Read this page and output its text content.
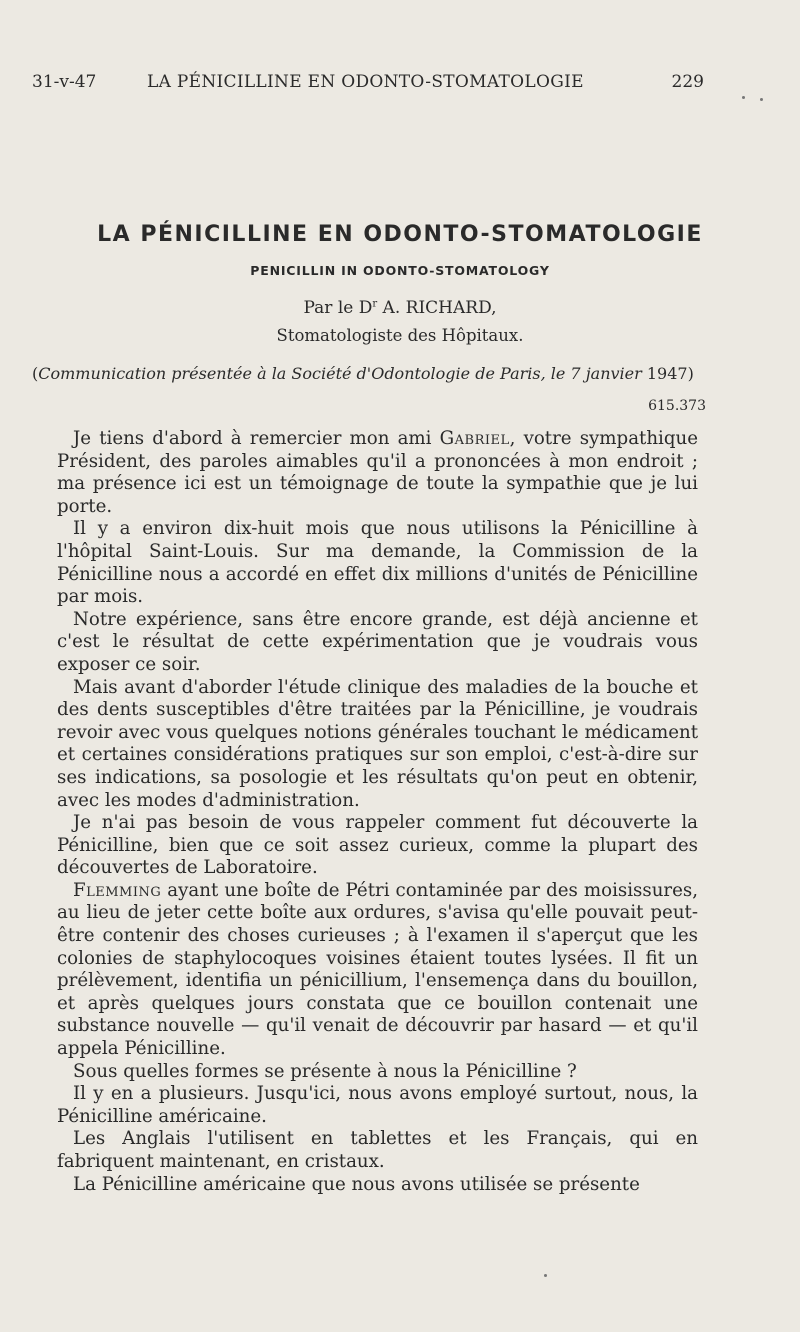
31-v-47	LA PÉNICILLINE EN ODONTO-STOMATOLOGIE	229
LA PÉNICILLINE EN ODONTO-STOMATOLOGIE
PENICILLIN IN ODONTO-STOMATOLOGY
Par le $D^r$ A. RICHARD,
Stomatologiste des Hôpitaux.
(Communication présentée à la Société d'Odontologie de Paris, le 7 janvier 1947)
615.373

Je tiens d'abord à remercier mon ami Gabriel, votre sympathique Président, des paroles aimables qu'il a prononcées à mon endroit ; ma présence ici est un témoignage de toute la sympathie que je lui porte.

Il y a environ dix-huit mois que nous utilisons la Pénicilline à l'hôpital Saint-Louis. Sur ma demande, la Commission de la Pénicilline nous a accordé en effet dix millions d'unités de Pénicilline par mois.

Notre expérience, sans être encore grande, est déjà ancienne et c'est le résultat de cette expérimentation que je voudrais vous exposer ce soir.

Mais avant d'aborder l'étude clinique des maladies de la bouche et des dents susceptibles d'être traitées par la Pénicilline, je voudrais revoir avec vous quelques notions générales touchant le médicament et certaines considérations pratiques sur son emploi, c'est-à-dire sur ses indications, sa posologie et les résultats qu'on peut en obtenir, avec les modes d'administration.

Je n'ai pas besoin de vous rappeler comment fut découverte la Pénicilline, bien que ce soit assez curieux, comme la plupart des découvertes de Laboratoire.

Flemming ayant une boîte de Pétri contaminée par des moisissures, au lieu de jeter cette boîte aux ordures, s'avisa qu'elle pouvait peut-être contenir des choses curieuses ; à l'examen il s'aperçut que les colonies de staphylocoques voisines étaient toutes lysées. Il fit un prélèvement, identifia un pénicillium, l'ensemença dans du bouillon, et après quelques jours constata que ce bouillon contenait une substance nouvelle — qu'il venait de découvrir par hasard — et qu'il appela Pénicilline.

Sous quelles formes se présente à nous la Pénicilline ?

Il y en a plusieurs. Jusqu'ici, nous avons employé surtout, nous, la Pénicilline américaine.

Les Anglais l'utilisent en tablettes et les Français, qui en fabriquent maintenant, en cristaux.

La Pénicilline américaine que nous avons utilisée se présente
